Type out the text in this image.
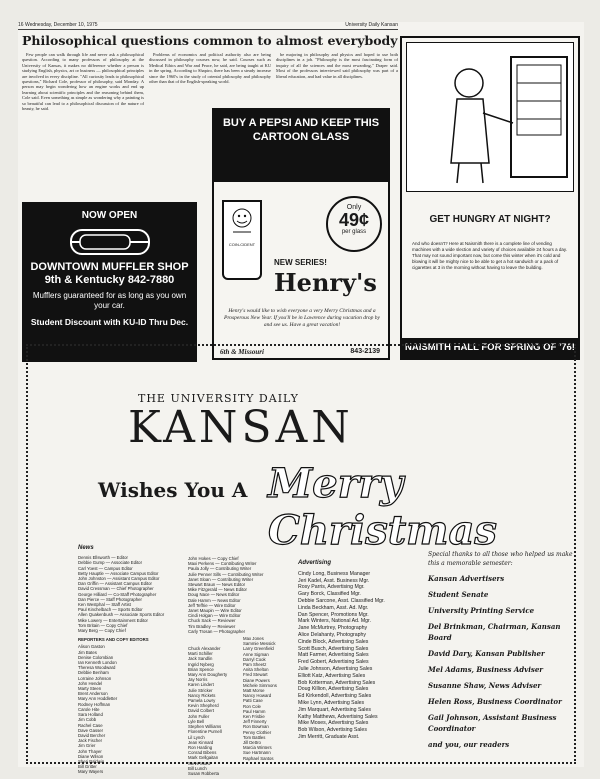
16 Wednesday, December 10, 1975	University Daily Kansan
Philosophical questions common to almost everybody

Few people can walk through life and never ask a philosophical question. According to many professors of philosophy at the University of Kansas, it makes no difference whether a person is studying English, physics, art or business — philosophical principles are involved in every discipline. "All curiosity leads to philosophical questions," Richard Cole, professor of philosophy, said Monday. A person may begin wondering how an engine works and end up learning about scientific principles and the reasoning behind them, Cole said. Even something as simple as wondering why a painting is so beautiful can lead to a philosophical discussion of the nature of beauty, he said.

Problems of economics and political authority also are being discussed in philosophy courses now, he said. Courses such as Medical Ethics and War and Peace, he said, are being taught at KU in the spring. According to Shapiro, there has been a steady increase since the 1960's in the study of oriental philosophy and philosophy other than that of the English-speaking world.

be majoring in philosophy and physics and hoped to use both disciplines in a job. "Philosophy is the most fascinating form of inquiry of all the sciences and the most rewarding," Draper said. Most of the professors interviewed said philosophy was part of a liberal education, and had value in all disciplines.

NOW OPEN
DOWNTOWN MUFFLER SHOP
9th & Kentucky 842-7880
Mufflers guaranteed for as long as you own your car.
Student Discount with KU-ID Thru Dec.
BUY A PEPSI AND KEEP THIS CARTOON GLASS
COIN-CIDENT
Only
49¢
per glass
NEW SERIES!
Henry's
Henry's would like to wish everyone a very Merry Christmas and a Prosperous New Year. If you'll be in Lawrence during vacation drop by and see us. Have a great vacation!
6th & Missouri	843-2139
GET HUNGRY AT NIGHT?
And who doesn't? Here at Naismith there is a complete line of vending machines with a wide slection and variety of choices available 24 hours a day. That may not sound important now, but come this winter when it's cold and blowing it will be mighty nice to be able to get a hot sandwich or a pack of cigarettes at 3 in the morning without having to leave the building.
NAISMITH HALL FOR SPRING OF '76!
THE UNIVERSITY DAILY
KANSAN
Wishes You A Merry Christmas
News
Dennis Ellsworth — Editor
Debbie Gump — Associate Editor
Carl Yoest — Campus Editor
Betty Hauptle — Associate Campus Editor
John Johnston — Assistant Campus Editor
Dan Griffin — Assistant Campus Editor
David Cressman — Chief Photographer
George Hilliard — Co-Staff Photographer
Dan Pierce — Staff Photographer
Ken Westphal — Staff Artist
Paul Kinchelbach — Sports Editor
Allen Quakenbush — Associate Sports Editor
Mike Lowery — Entertainment Editor
Tom Britain — Copy Chief
Mary Berg — Copy Chief
REPORTERS AND COPY EDITORS
Alison Gaston
Jim Bates
Denise Colombian
Ian Kenneth London
Theresa Woodward
Debbie Benham
Lorraine Johnson
John Hendel
Marty Steen
Brent Anderson
Mary Ann Hoddletter
Rodney Hoffman
Carole Hite
Sara Holland
Jim Cobb
Rachel Case
Dave Gasser
David Bercher
Jack Fischer
Jim Grier
John Thayer
Diane Wilson
Sheri Baldwin
Bill Gritter
Mary Wayers
John Hokes — Copy Chief
Maxi Perkens — Contributing Writer
Paula Jolly — Contributing Writer
Julie Penner Sills — Contributing Writer
Janet Sloan — Contributing Writer
Stewart Braun — News Editor
Mike Fitzgerald — News Editor
Doug Nace — News Editor
Dale Hamm — News Editor
Jeff Teffrie — Wire Editor
Janet Maupin — Wire Editor
Cindi Holgan — Wire Editor
Chuck Sack — Reviewer
Tim Bradley — Reviewer
Carly Trosan — Photographer
Chuck Alexander
Marti Schiller
Jack Sandlin
Ingrid Nyberg
Brian Spence
Mary Ann Dougherty
Jay Norris
Karen Lindert
Julie Stricker
Nancy Rickets
Pamela Lowry
Kevin Shepherd
David Colbert
John Fuller
Lyle Bell
Stephen Williams
Florentine Purnell
Lil Lynch
Jean Kinnard
Ron Harding
Conrad Bibens
Mark Gellgaitan
Steve Monz
Bill Lunch
Susan Robberta
Max Jones
Sammie Messick
Larry Greenfield
Anne Sigman
Darryl Cook
Pam Sheetz
Anita Shelton
Fred Stewart
Diane Powers
Michele Simmons
Matt Morse
Nancy Howard
Patti Case
Ron Cole
Paul Hamm
Ken Frisbie
Jeff Finnerty
Ron Bowman
Penny Clothier
Tom Battles
Jill Dettro
Marcia Winters
Sue Hartmann
Raphael Santos
Advertising
Cindy Long, Business Manager
Jeri Kadel, Asst. Business Mgr.
Rosy Parris, Advertising Mgr.
Gary Borck, Classified Mgr.
Debbie Sarcone, Asst. Classified Mgr.
Linda Beckham, Asst. Ad. Mgr.
Dan Spencer, Promotions Mgr.
Mark Winters, National Ad. Mgr.
Jane McMurtrey, Photography
Alice Delahanty, Photography
Cinde Block, Advertising Sales
Scott Busch, Advertising Sales
Matt Farmer, Advertising Sales
Fred Gobert, Advertising Sales
Julie Johnson, Advertising Sales
Elliott Katz, Advertising Sales
Bob Kotterman, Advertising Sales
Doug Killion, Advertising Sales
Ed Kirkendoll, Advertising Sales
Mike Lynn, Advertising Sales
Jim Marquart, Advertising Sales
Kathy Matthews, Advertising Sales
Mike Moses, Advertising Sales
Bob Wilson, Advertising Sales
Jim Merritt, Graduate Asst.
Special thanks to all those who helped us make this a memorable semester:
Kansan Advertisers
Student Senate
University Printing Service
Del Brinkman, Chairman, Kansan Board
David Dary, Kansan Publisher
Mel Adams, Business Adviser
Susanne Shaw, News Adviser
Helen Ross, Business Coordinator
Gail Johnson, Assistant Business Coordinator
and you, our readers
